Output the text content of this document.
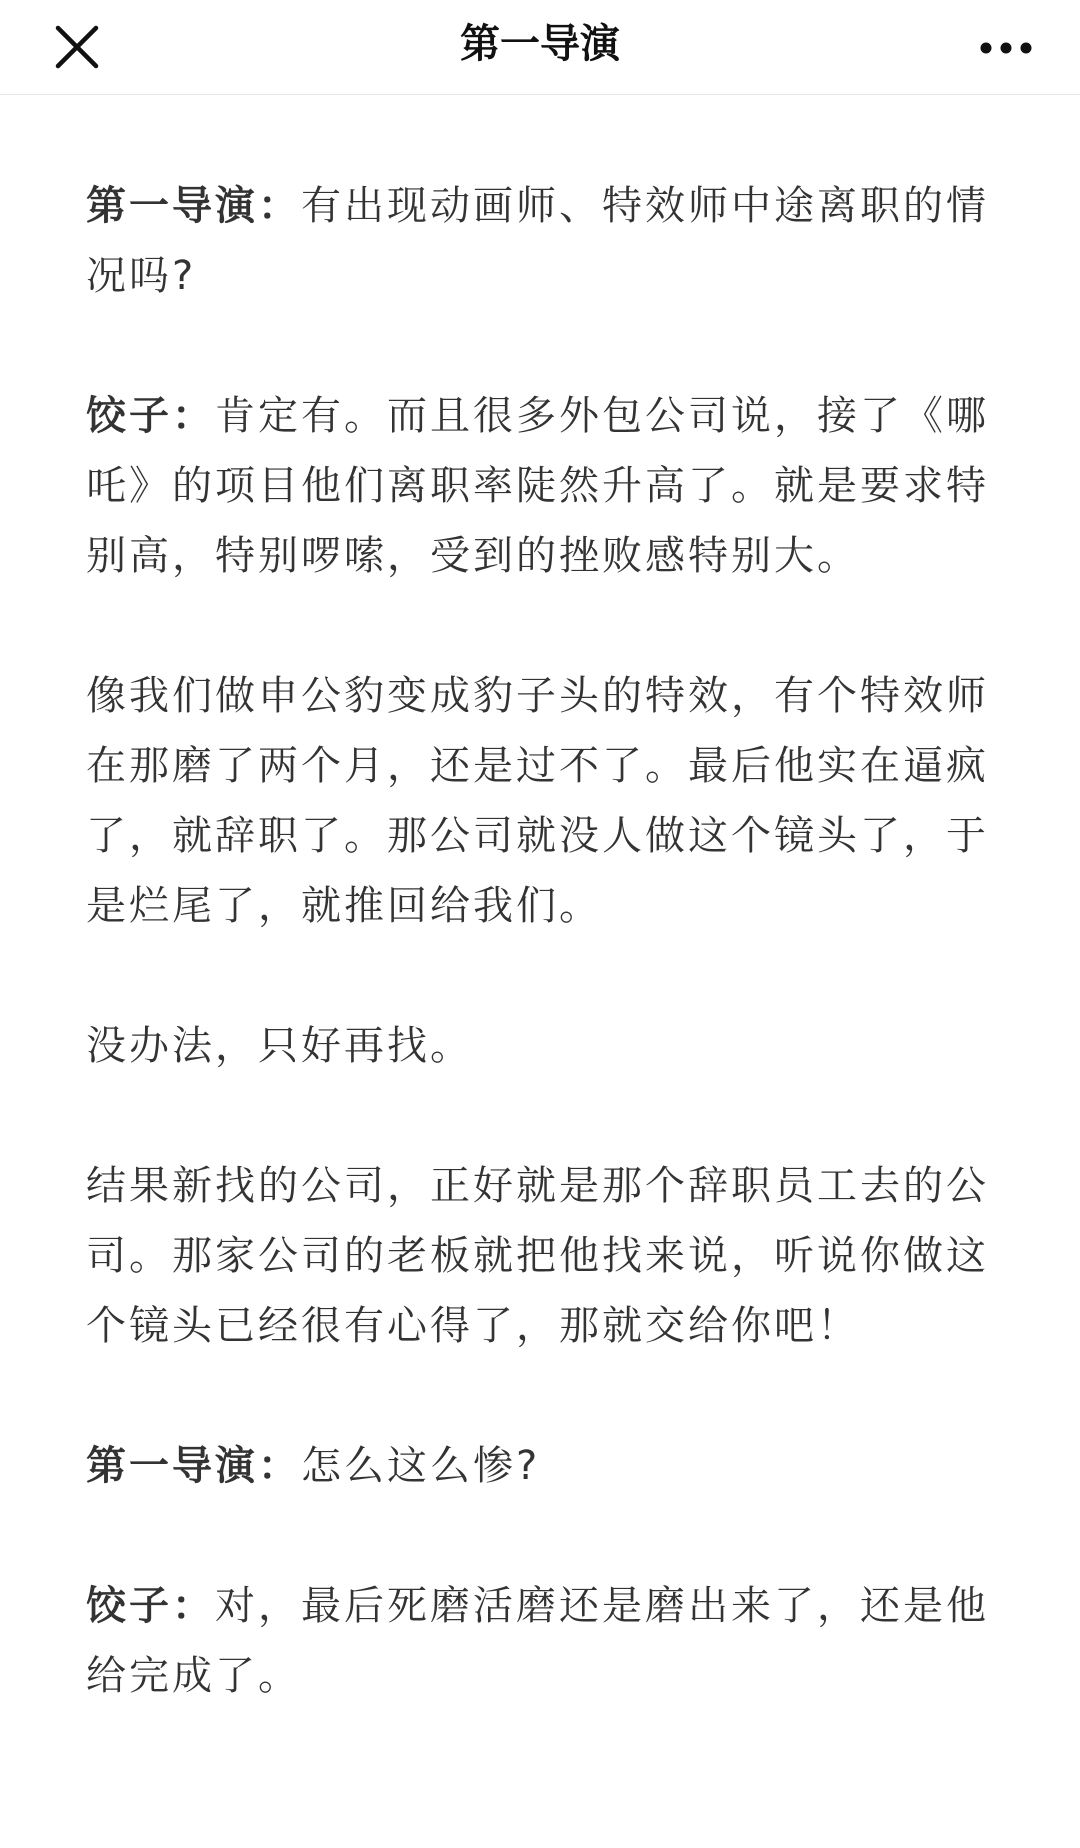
第一导演

第一导演：有出现动画师、特效师中途离职的情况吗?

饺子：肯定有。而且很多外包公司说，接了《哪吒》的项目他们离职率陡然升高了。就是要求特别高，特别啰嗦，受到的挫败感特别大。

像我们做申公豹变成豹子头的特效，有个特效师在那磨了两个月，还是过不了。最后他实在逼疯了，就辞职了。那公司就没人做这个镜头了，于是烂尾了，就推回给我们。

没办法，只好再找。

结果新找的公司，正好就是那个辞职员工去的公司。那家公司的老板就把他找来说，听说你做这个镜头已经很有心得了，那就交给你吧！

第一导演：怎么这么惨?

饺子：对，最后死磨活磨还是磨出来了，还是他给完成了。
